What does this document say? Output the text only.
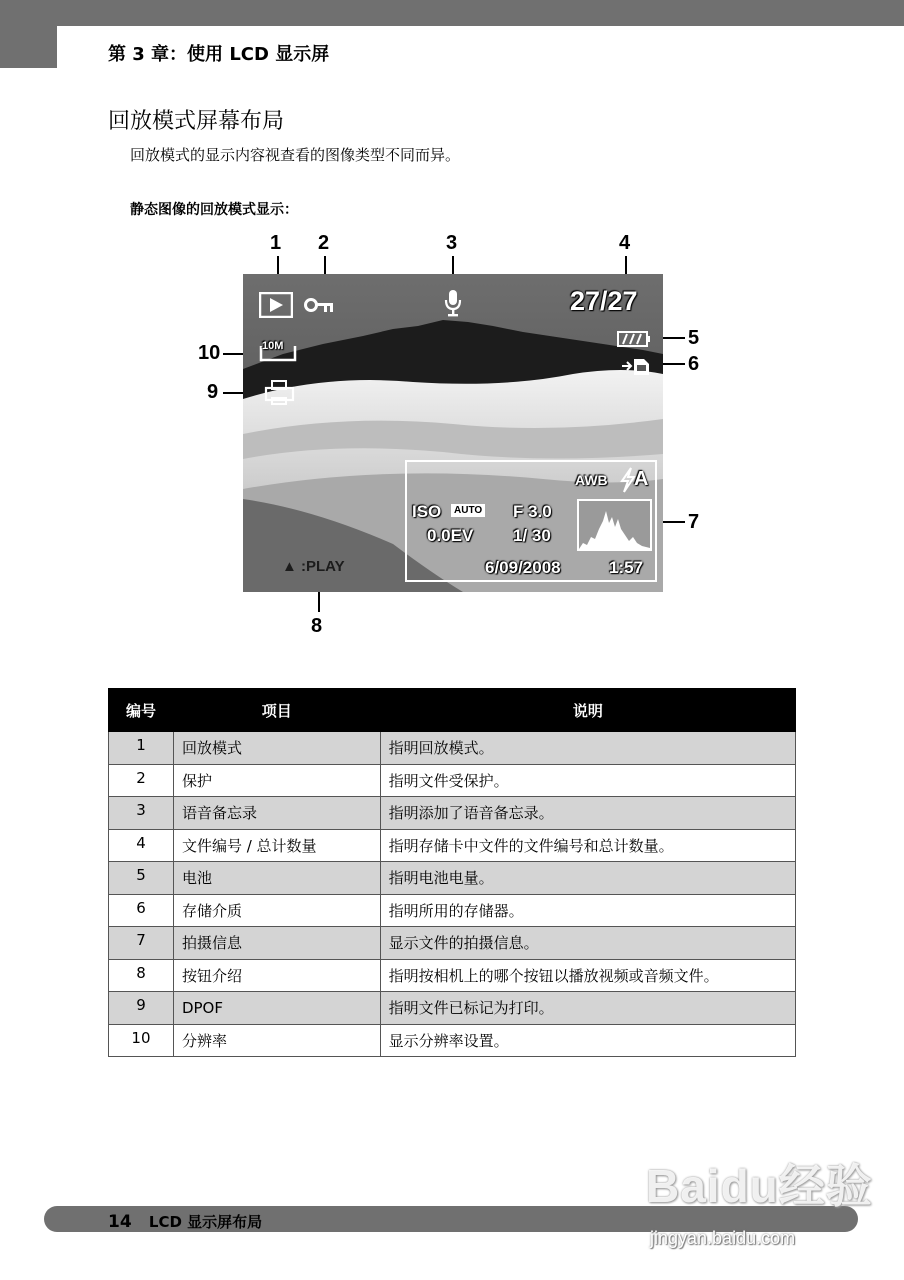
第 3 章：使用 LCD 显示屏
回放模式屏幕布局
回放模式的显示内容视查看的图像类型不同而异。
静态图像的回放模式显示：
1 2	3	4
5
6
7
8
9
10
27/27
10M
AWB A
ISO	AUTO F 3.0
0.0EV 1/ 30
6/09/2008	1:57
▲ :PLAY
编号	项目	说明
1	回放模式	指明回放模式。
2	保护	指明文件受保护。
3	语音备忘录	指明添加了语音备忘录。
4	文件编号 / 总计数量	指明存储卡中文件的文件编号和总计数量。
5	电池	指明电池电量。
6	存储介质	指明所用的存储器。
7	拍摄信息	显示文件的拍摄信息。
8	按钮介绍	指明按相机上的哪个按钮以播放视频或音频文件。
9	DPOF	指明文件已标记为打印。
10	分辨率	显示分辨率设置。
14 LCD 显示屏布局
Baidu经验
jingyan.baidu.com
